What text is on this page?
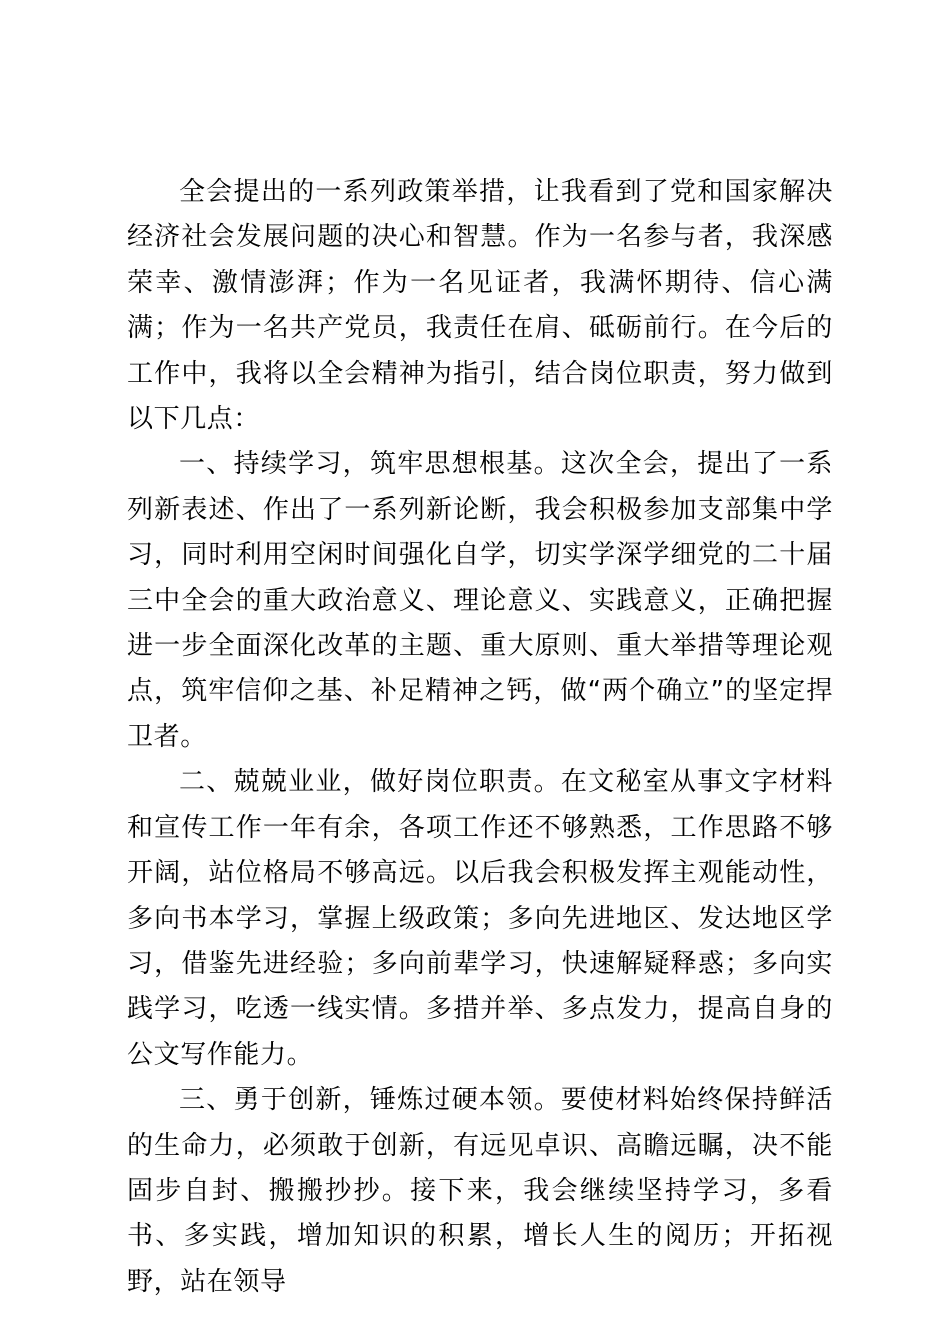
全会提出的一系列政策举措，让我看到了党和国家解决经济社会发展问题的决心和智慧。作为一名参与者，我深感荣幸、激情澎湃；作为一名见证者，我满怀期待、信心满满；作为一名共产党员，我责任在肩、砥砺前行。在今后的工作中，我将以全会精神为指引，结合岗位职责，努力做到以下几点：

一、持续学习，筑牢思想根基。这次全会，提出了一系列新表述、作出了一系列新论断，我会积极参加支部集中学习，同时利用空闲时间强化自学，切实学深学细党的二十届三中全会的重大政治意义、理论意义、实践意义，正确把握进一步全面深化改革的主题、重大原则、重大举措等理论观点，筑牢信仰之基、补足精神之钙，做“两个确立”的坚定捍卫者。

二、兢兢业业，做好岗位职责。在文秘室从事文字材料和宣传工作一年有余，各项工作还不够熟悉，工作思路不够开阔，站位格局不够高远。以后我会积极发挥主观能动性，多向书本学习，掌握上级政策；多向先进地区、发达地区学习，借鉴先进经验；多向前辈学习，快速解疑释惑；多向实践学习，吃透一线实情。多措并举、多点发力，提高自身的公文写作能力。

三、勇于创新，锤炼过硬本领。要使材料始终保持鲜活的生命力，必须敢于创新，有远见卓识、高瞻远瞩，决不能固步自封、搬搬抄抄。接下来，我会继续坚持学习，多看书、多实践，增加知识的积累，增长人生的阅历；开拓视野，站在领导
